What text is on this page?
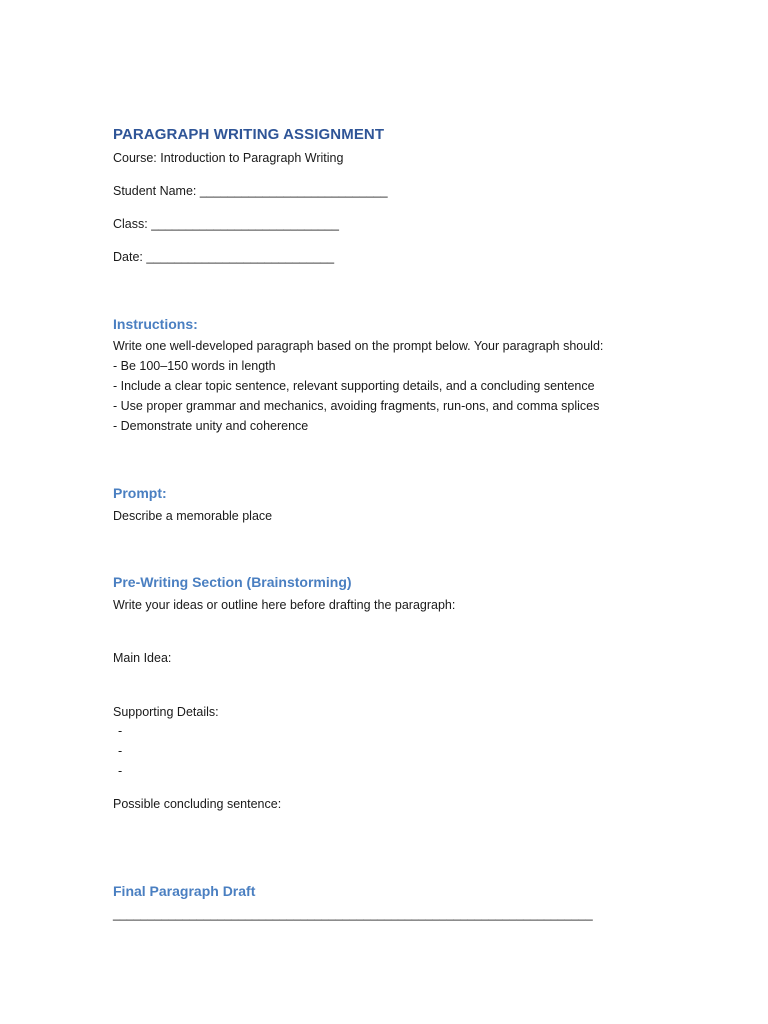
PARAGRAPH WRITING ASSIGNMENT
Course: Introduction to Paragraph Writing
Student Name: ___________________________
Class: ___________________________
Date: ___________________________
Instructions:
Write one well-developed paragraph based on the prompt below. Your paragraph should:
- Be 100–150 words in length
- Include a clear topic sentence, relevant supporting details, and a concluding sentence
- Use proper grammar and mechanics, avoiding fragments, run-ons, and comma splices
- Demonstrate unity and coherence
Prompt:
Describe a memorable place
Pre-Writing Section (Brainstorming)
Write your ideas or outline here before drafting the paragraph:
Main Idea:
Supporting Details:
-
-
-
Possible concluding sentence:
Final Paragraph Draft
_____________________________________________________________________
